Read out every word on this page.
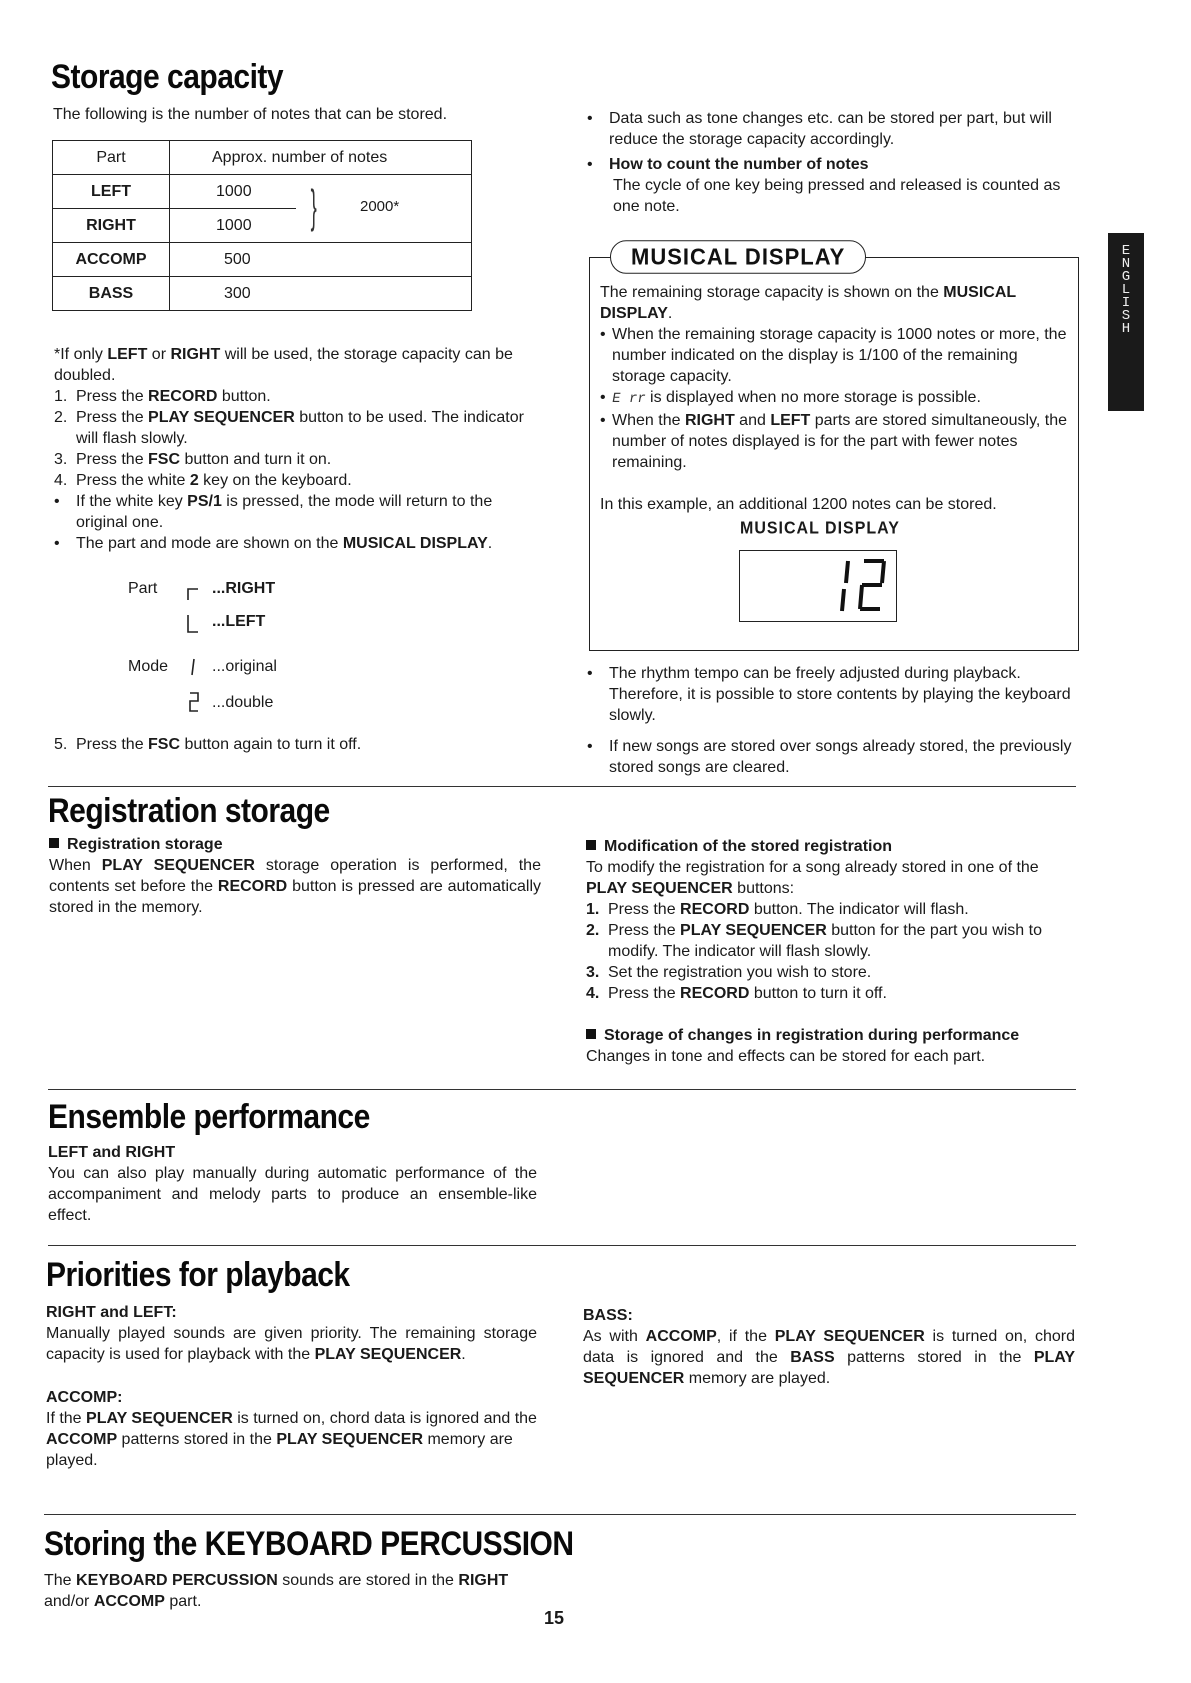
E
N
G
L
I
S
H
Storage capacity

The following is the number of notes that can be stored.

Part	Approx. number of notes	
LEFT	1000	} 2000*

RIGHT	1000	
ACCOMP	500	
BASS	300	

*If only LEFT or RIGHT will be used, the storage capacity can be doubled.

1. Press the RECORD button.
2. Press the PLAY SEQUENCER button to be used. The indicator will flash slowly.
3. Press the FSC button and turn it on.
4. Press the white 2 key on the keyboard.
•
If the white key PS/1 is pressed, the mode will return to the original one.
•
The part and mode are shown on the MUSICAL DISPLAY.
Part
Mode
...RIGHT
...LEFT
...original
...double
5. Press the FSC button again to turn it off.
•
Data such as tone changes etc. can be stored per part, but will reduce the storage capacity accordingly.
•
How to count the number of notes
The cycle of one key being pressed and released is counted as one note.
MUSICAL DISPLAY

The remaining storage capacity is shown on the MUSICAL DISPLAY.

•
When the remaining storage capacity is 1000 notes or more, the number indicated on the display is 1/100 of the remaining storage capacity.
•
E rr is displayed when no more storage is possible.
•
When the RIGHT and LEFT parts are stored simultaneously, the number of notes displayed is for the part with fewer notes remaining.

In this example, an additional 1200 notes can be stored.

MUSICAL DISPLAY
•
The rhythm tempo can be freely adjusted during playback. Therefore, it is possible to store contents by playing the keyboard slowly.
•
If new songs are stored over songs already stored, the previously stored songs are cleared.
Registration storage

Registration storage

When PLAY SEQUENCER storage operation is performed, the contents set before the RECORD button is pressed are automatically stored in the memory.

Modification of the stored registration

To modify the registration for a song already stored in one of the PLAY SEQUENCER buttons:

1. Press the RECORD button. The indicator will flash.
2. Press the PLAY SEQUENCER button for the part you wish to modify. The indicator will flash slowly.
3. Set the registration you wish to store.
4. Press the RECORD button to turn it off.

Storage of changes in registration during performance

Changes in tone and effects can be stored for each part.

Ensemble performance

LEFT and RIGHT

You can also play manually during automatic performance of the accompaniment and melody parts to produce an ensemble-like effect.

Priorities for playback

RIGHT and LEFT:

Manually played sounds are given priority. The remaining storage capacity is used for playback with the PLAY SEQUENCER.

ACCOMP:

If the PLAY SEQUENCER is turned on, chord data is ignored and the ACCOMP patterns stored in the PLAY SEQUENCER memory are played.

BASS:

As with ACCOMP, if the PLAY SEQUENCER is turned on, chord data is ignored and the BASS patterns stored in the PLAY SEQUENCER memory are played.

Storing the KEYBOARD PERCUSSION

The KEYBOARD PERCUSSION sounds are stored in the RIGHT and/or ACCOMP part.

15
